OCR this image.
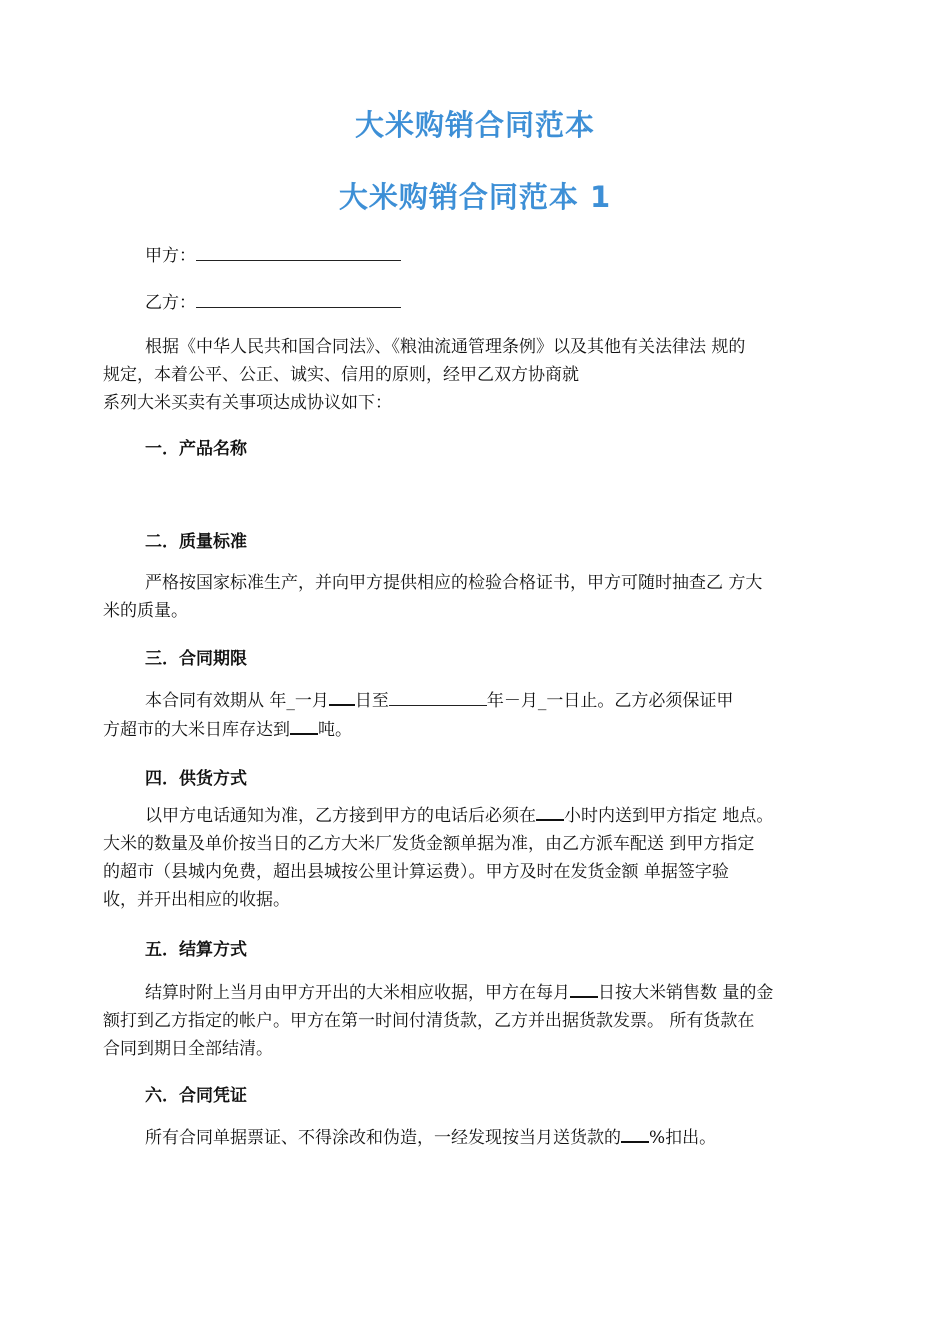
大米购销合同范本
大米购销合同范本 1
甲方：
乙方：

根据《中华人民共和国合同法》、《粮油流通管理条例》以及其他有关法律法 规的

规定，本着公平、公正、诚实、信用的原则，经甲乙双方协商就

系列大米买卖有关事项达成协议如下：

一．产品名称
二．质量标准

严格按国家标准生产，并向甲方提供相应的检验合格证书，甲方可随时抽查乙 方大

米的质量。

三．合同期限

本合同有效期从 年_一月 日至	年－月_一日止。乙方必须保证甲

方超市的大米日库存达到 吨。

四．供货方式

以甲方电话通知为准，乙方接到甲方的电话后必须在 小时内送到甲方指定 地点。

大米的数量及单价按当日的乙方大米厂发货金额单据为准，由乙方派车配送 到甲方指定

的超市（县城内免费，超出县城按公里计算运费）。甲方及时在发货金额 单据签字验

收，并开出相应的收据。

五．结算方式

结算时附上当月由甲方开出的大米相应收据，甲方在每月 日按大米销售数 量的金

额打到乙方指定的帐户。甲方在第一时间付清货款，乙方并出据货款发票。 所有货款在

合同到期日全部结清。

六．合同凭证

所有合同单据票证、不得涂改和伪造，一经发现按当月送货款的 %扣出。
